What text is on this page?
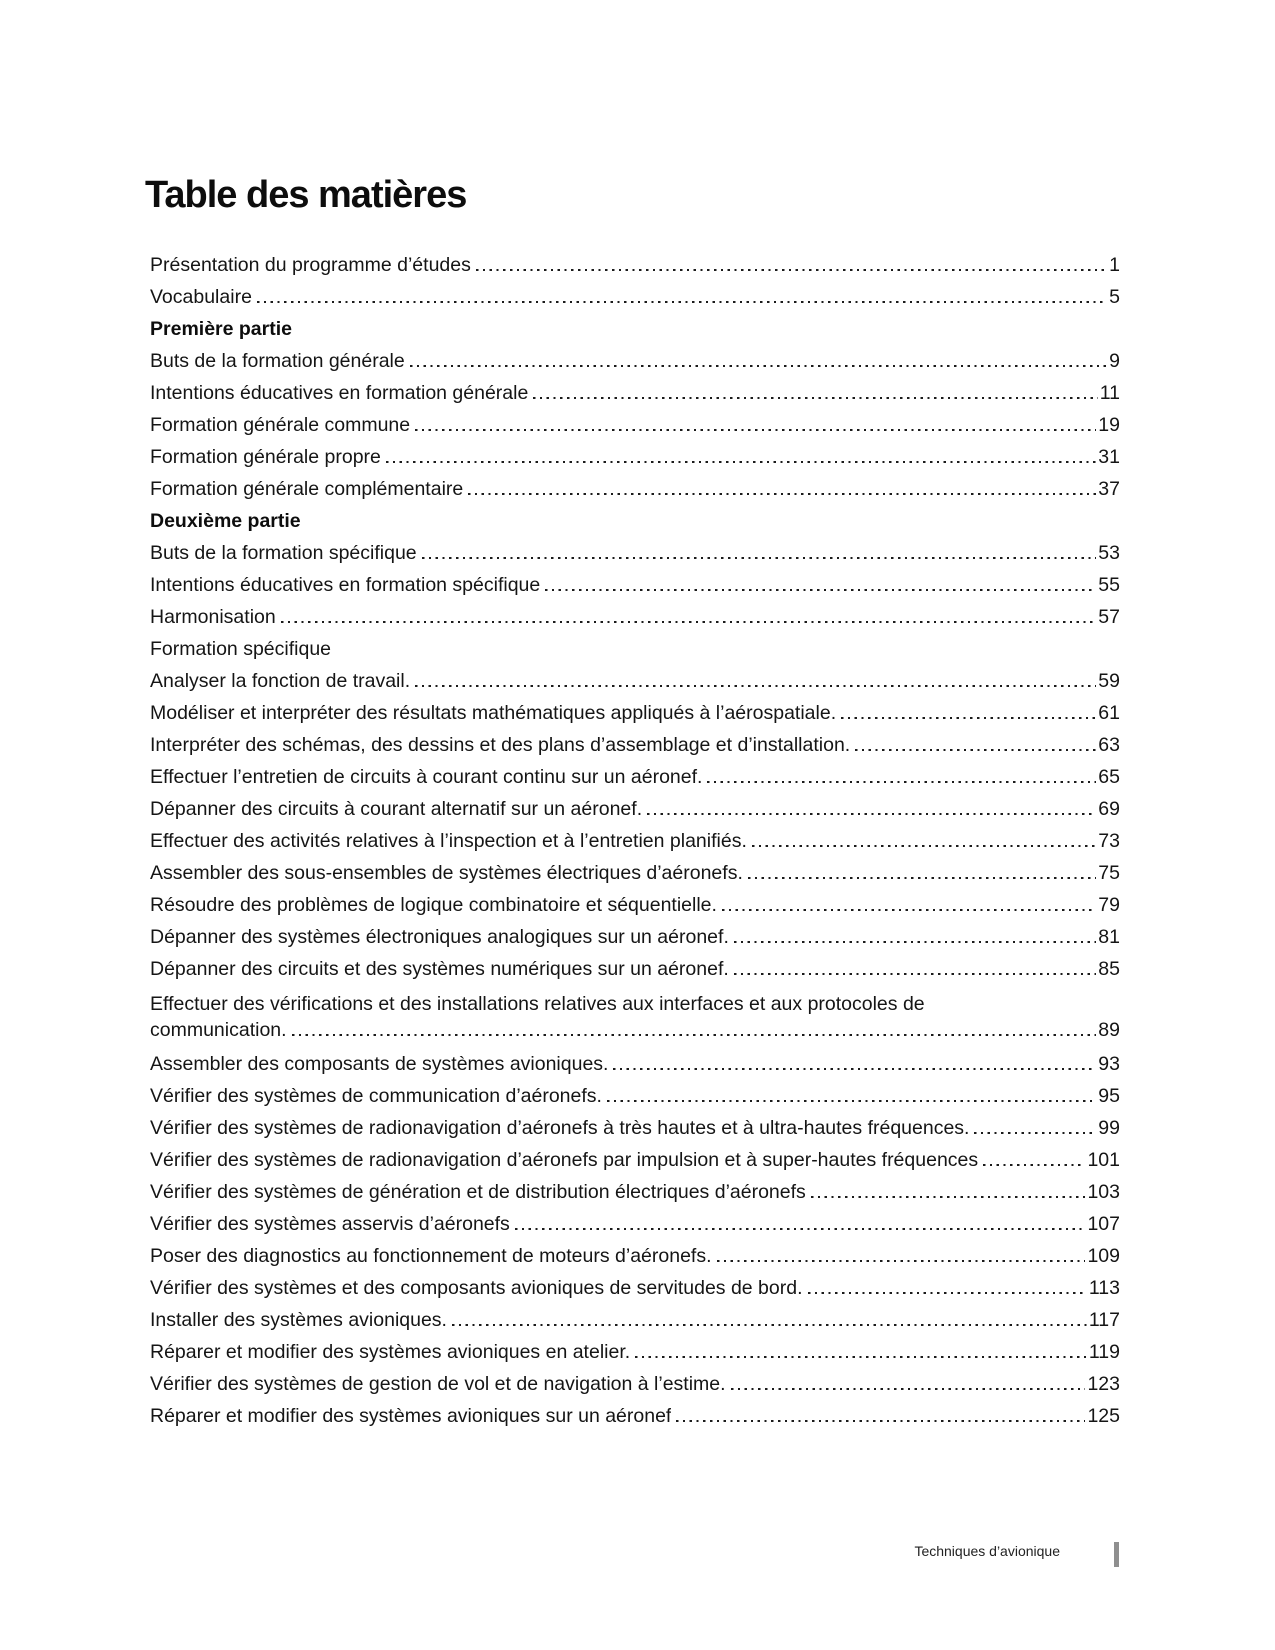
Table des matières
Présentation du programme d’études	1
Vocabulaire	5
Première partie
Buts de la formation générale	9
Intentions éducatives en formation générale	11
Formation générale commune	19
Formation générale propre	31
Formation générale complémentaire	37
Deuxième partie
Buts de la formation spécifique	53
Intentions éducatives en formation spécifique	55
Harmonisation	57
Formation spécifique
Analyser la fonction de travail.	59
Modéliser et interpréter des résultats mathématiques appliqués à l’aérospatiale.	61
Interpréter des schémas, des dessins et des plans d’assemblage et d’installation.	63
Effectuer l’entretien de circuits à courant continu sur un aéronef.	65
Dépanner des circuits à courant alternatif sur un aéronef.	69
Effectuer des activités relatives à l’inspection et à l’entretien planifiés.	73
Assembler des sous-ensembles de systèmes électriques d’aéronefs.	75
Résoudre des problèmes de logique combinatoire et séquentielle.	79
Dépanner des systèmes électroniques analogiques sur un aéronef.	81
Dépanner des circuits et des systèmes numériques sur un aéronef.	85
Effectuer des vérifications et des installations relatives aux interfaces et aux protocoles de
communication.	89
Assembler des composants de systèmes avioniques.	93
Vérifier des systèmes de communication d’aéronefs.	95
Vérifier des systèmes de radionavigation d’aéronefs à très hautes et à ultra-hautes fréquences.	99
Vérifier des systèmes de radionavigation d’aéronefs par impulsion et à super-hautes fréquences	101
Vérifier des systèmes de génération et de distribution électriques d’aéronefs	103
Vérifier des systèmes asservis d’aéronefs	107
Poser des diagnostics au fonctionnement de moteurs d’aéronefs.	109
Vérifier des systèmes et des composants avioniques de servitudes de bord.	113
Installer des systèmes avioniques.	117
Réparer et modifier des systèmes avioniques en atelier.	119
Vérifier des systèmes de gestion de vol et de navigation à l’estime.	123
Réparer et modifier des systèmes avioniques sur un aéronef	125
Techniques d’avionique
